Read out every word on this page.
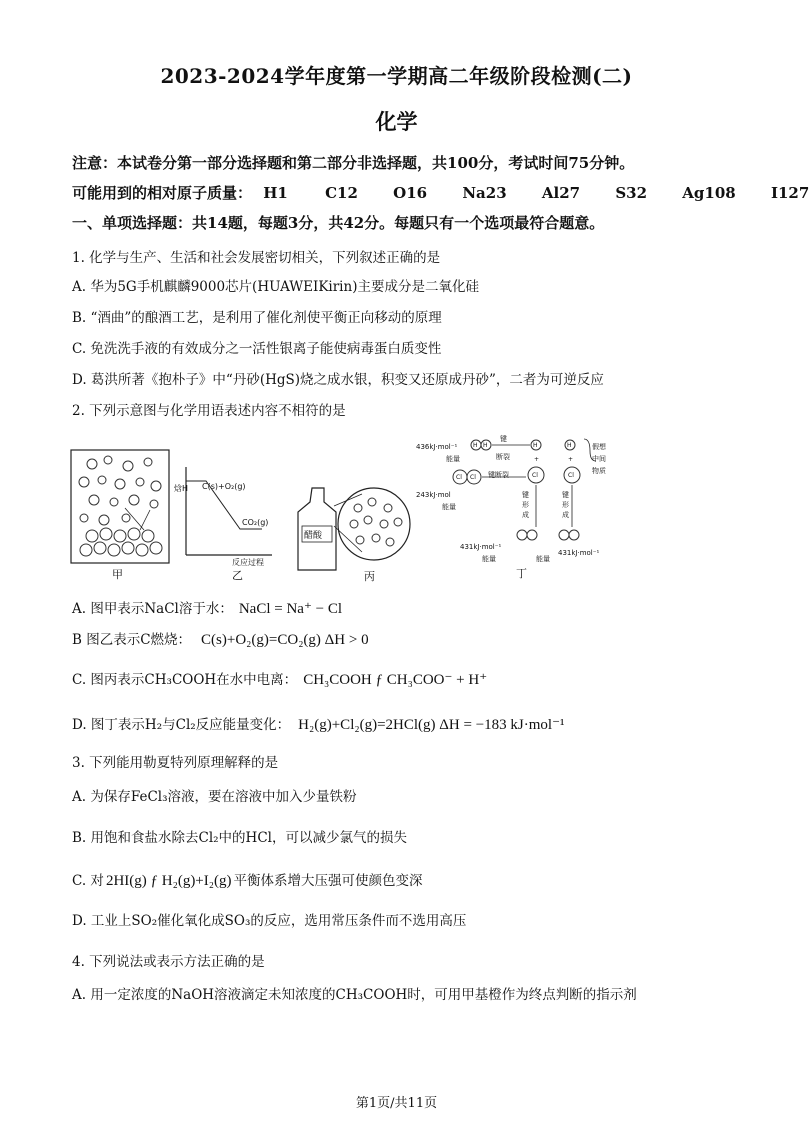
2023-2024学年度第一学期高二年级阶段检测(二)
化学
注意：本试卷分第一部分选择题和第二部分非选择题，共100分，考试时间75分钟。
可能用到的相对原子质量： H1 C12 O16 Na23 Al27 S32 Ag108 I127
一、单项选择题：共14题，每题3分，共42分。每题只有一个选项最符合题意。
1. 化学与生产、生活和社会发展密切相关，下列叙述正确的是
A. 华为5G手机麒麟9000芯片(HUAWEIKirin)主要成分是二氧化硅
B. “酒曲”的酿酒工艺，是利用了催化剂使平衡正向移动的原理
C. 免洗洗手液的有效成分之一活性银离子能使病毒蛋白质变性
D. 葛洪所著《抱朴子》中“丹砂(HgS)烧之成水银，积变又还原成丹砂”，二者为可逆反应
2. 下列示意图与化学用语表述内容不相符的是
甲
焓H C(s)+O₂(g)
CO₂(g)
反应过程
乙
醋酸
丙
436kJ·mol⁻¹
243kJ·mol
431kJ·mol⁻¹
431kJ·mol⁻¹
能量
能量
能量	能量
键
断裂
键断裂
键
形
成
键
形
成
假想
中间
物质
H H	H	H
Cl Cl	Cl	Cl
+	+
丁
A. 图甲表示NaCl溶于水： NaCl = Na⁺ − Cl
B 图乙表示C燃烧： C(s)+O₂(g)=CO₂(g) ΔH > 0
C. 图丙表示CH₃COOH在水中电离： CH₃COOH ƒ CH₃COO⁻ + H⁺
D. 图丁表示H₂与Cl₂反应能量变化： H₂(g)+Cl₂(g)=2HCl(g) ΔH = −183 kJ·mol⁻¹
3. 下列能用勒夏特列原理解释的是
A. 为保存FeCl₃溶液，要在溶液中加入少量铁粉
B. 用饱和食盐水除去Cl₂中的HCl，可以减少氯气的损失
C. 对 2HI(g) ƒ H₂(g)+I₂(g) 平衡体系增大压强可使颜色变深
D. 工业上SO₂催化氧化成SO₃的反应，选用常压条件而不选用高压
4. 下列说法或表示方法正确的是
A. 用一定浓度的NaOH溶液滴定未知浓度的CH₃COOH时，可用甲基橙作为终点判断的指示剂
第1页/共11页
